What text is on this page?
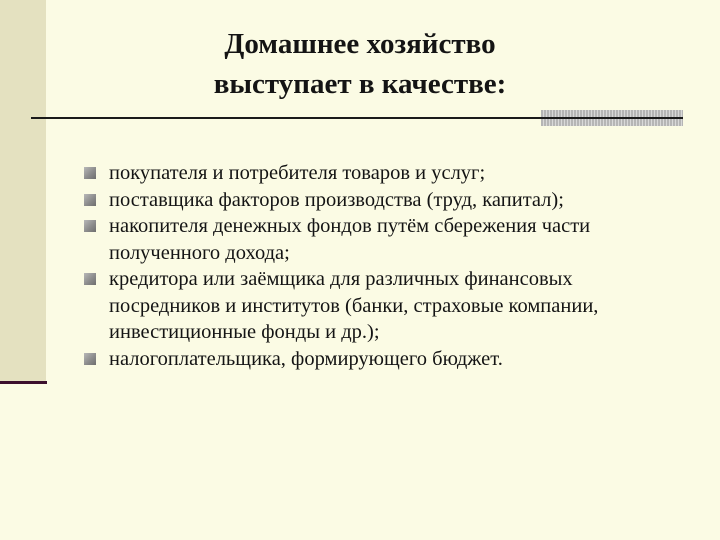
Домашнее хозяйство
выступает в качестве:
покупателя и потребителя товаров и услуг;
поставщика факторов производства (труд, капитал);
накопителя денежных фондов путём сбережения части полученного дохода;
кредитора или заёмщика для различных финансовых посредников и институтов (банки, страховые компании, инвестиционные фонды и др.);
налогоплательщика, формирующего бюджет.
